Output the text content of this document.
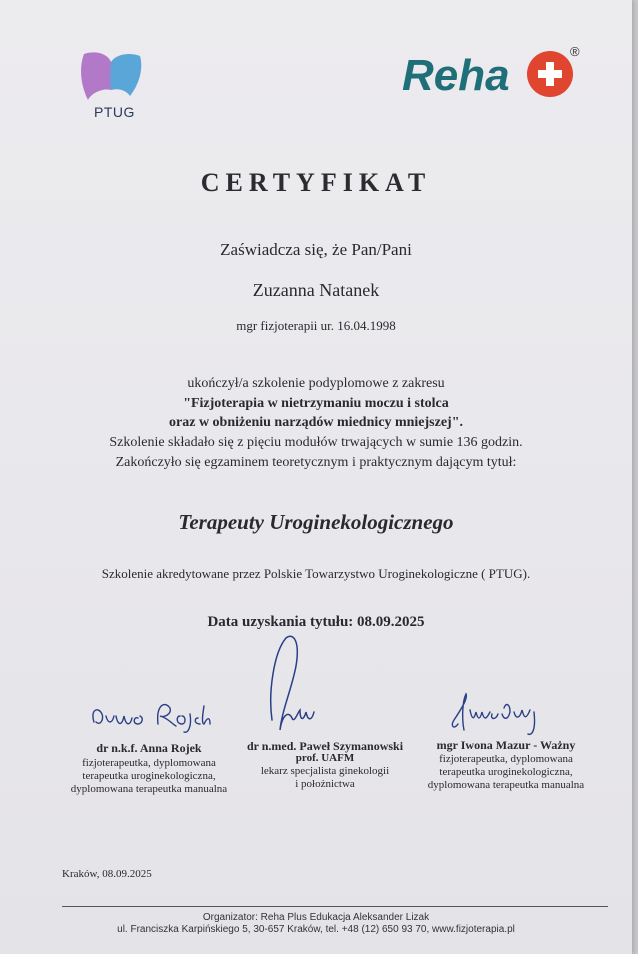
PTUG
Reha	®
CERTYFIKAT
Zaświadcza się, że Pan/Pani
Zuzanna Natanek
mgr fizjoterapii ur. 16.04.1998
ukończył/a szkolenie podyplomowe z zakresu
"Fizjoterapia w nietrzymaniu moczu i stolca
oraz w obniżeniu narządów miednicy mniejszej".
Szkolenie składało się z pięciu modułów trwających w sumie 136 godzin.
Zakończyło się egzaminem teoretycznym i praktycznym dającym tytuł:
Terapeuty Uroginekologicznego
Szkolenie akredytowane przez Polskie Towarzystwo Uroginekologiczne ( PTUG).
Data uzyskania tytułu: 08.09.2025
dr n.k.f. Anna Rojek
fizjoterapeutka, dyplomowana
terapeutka uroginekologiczna,
dyplomowana terapeutka manualna
dr n.med. Paweł Szymanowski
prof. UAFM
lekarz specjalista ginekologii
i położnictwa
mgr Iwona Mazur - Ważny
fizjoterapeutka, dyplomowana
terapeutka uroginekologiczna,
dyplomowana terapeutka manualna
Kraków, 08.09.2025
Organizator: Reha Plus Edukacja Aleksander Lizak
ul. Franciszka Karpińskiego 5, 30-657 Kraków, tel. +48 (12) 650 93 70, www.fizjoterapia.pl
